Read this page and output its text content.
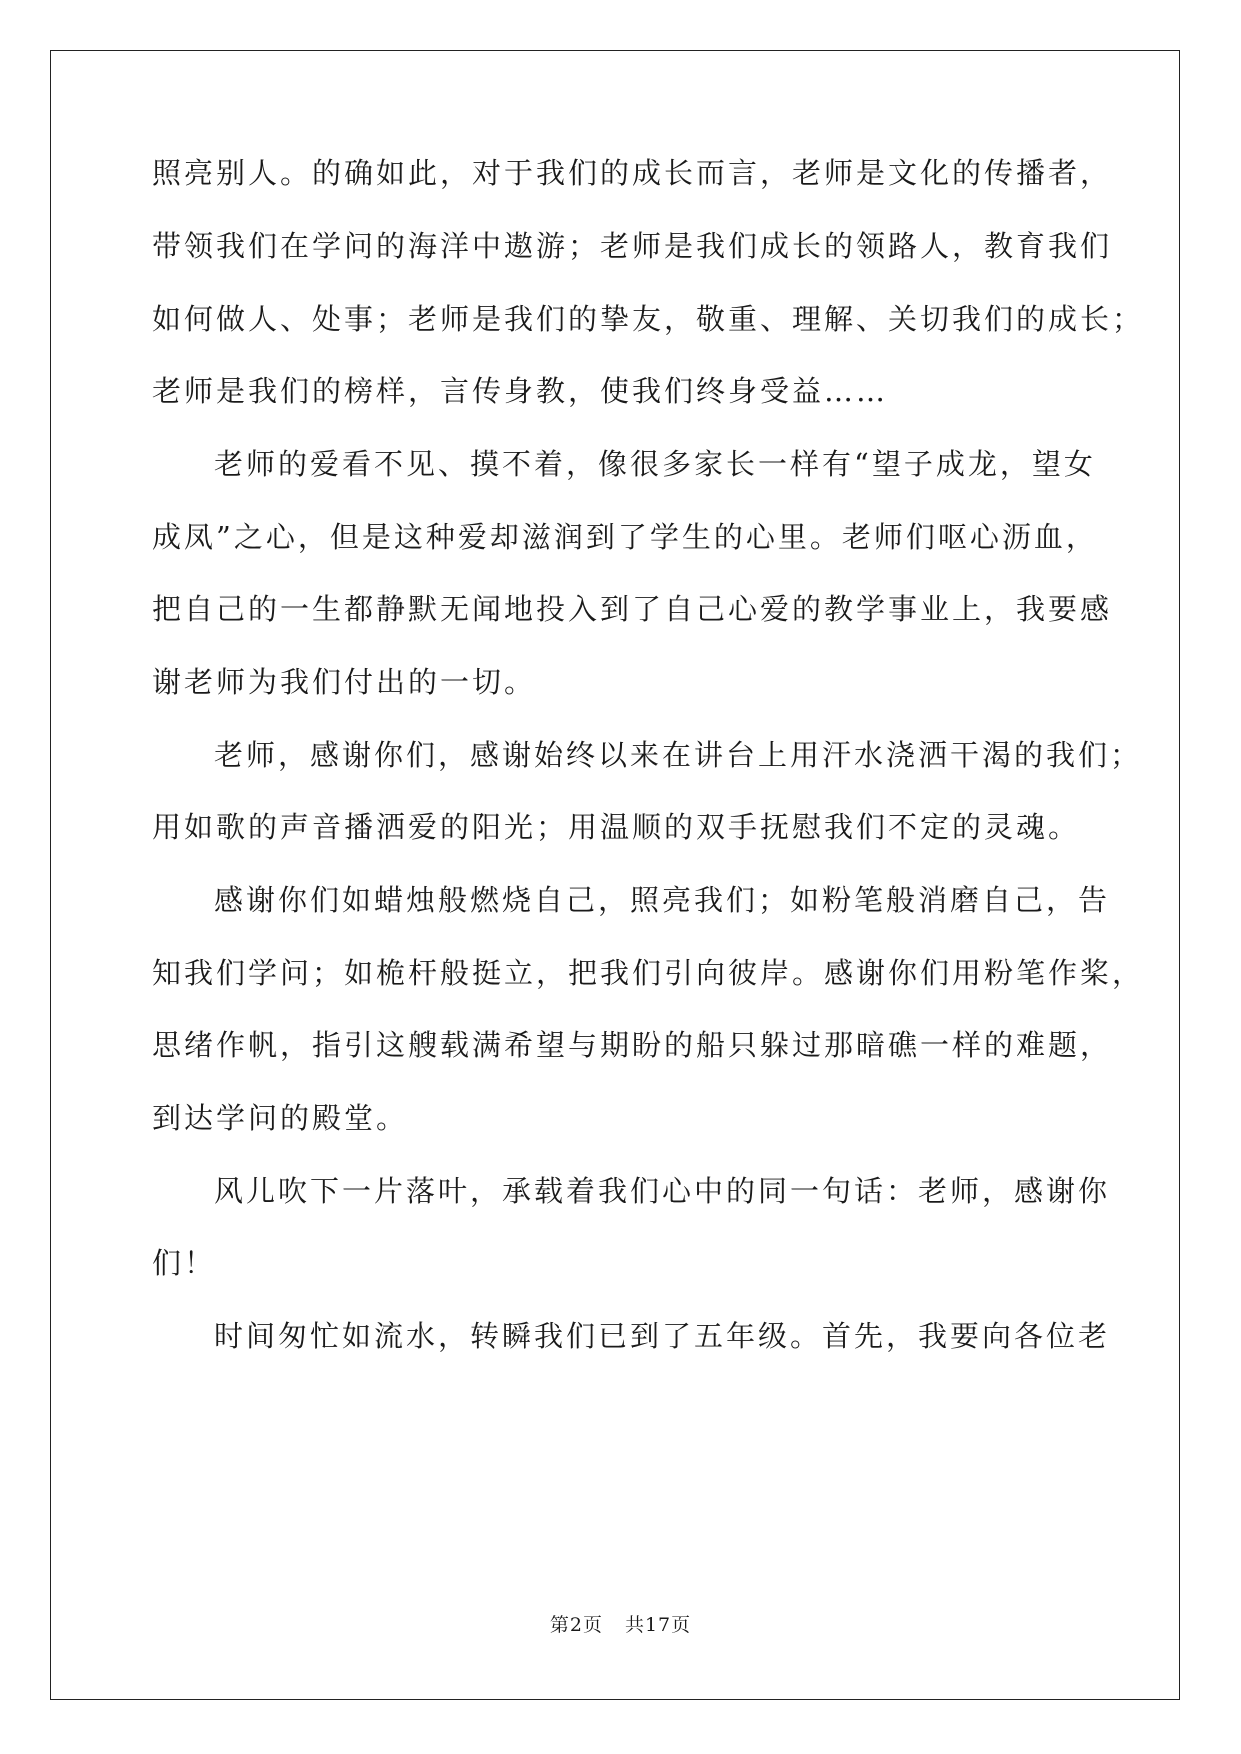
照亮别人。的确如此，对于我们的成长而言，老师是文化的传播者，
带领我们在学问的海洋中遨游；老师是我们成长的领路人，教育我们
如何做人、处事；老师是我们的挚友，敬重、理解、关切我们的成长；
老师是我们的榜样，言传身教，使我们终身受益……
老师的爱看不见、摸不着，像很多家长一样有“望子成龙，望女
成凤”之心，但是这种爱却滋润到了学生的心里。老师们呕心沥血，
把自己的一生都静默无闻地投入到了自己心爱的教学事业上，我要感
谢老师为我们付出的一切。
老师，感谢你们，感谢始终以来在讲台上用汗水浇洒干渴的我们；
用如歌的声音播洒爱的阳光；用温顺的双手抚慰我们不定的灵魂。
感谢你们如蜡烛般燃烧自己，照亮我们；如粉笔般消磨自己，告
知我们学问；如桅杆般挺立，把我们引向彼岸。感谢你们用粉笔作桨，
思绪作帆，指引这艘载满希望与期盼的船只躲过那暗礁一样的难题，
到达学问的殿堂。
风儿吹下一片落叶，承载着我们心中的同一句话：老师，感谢你
们！
时间匆忙如流水，转瞬我们已到了五年级。首先，我要向各位老
第2页 共17页
